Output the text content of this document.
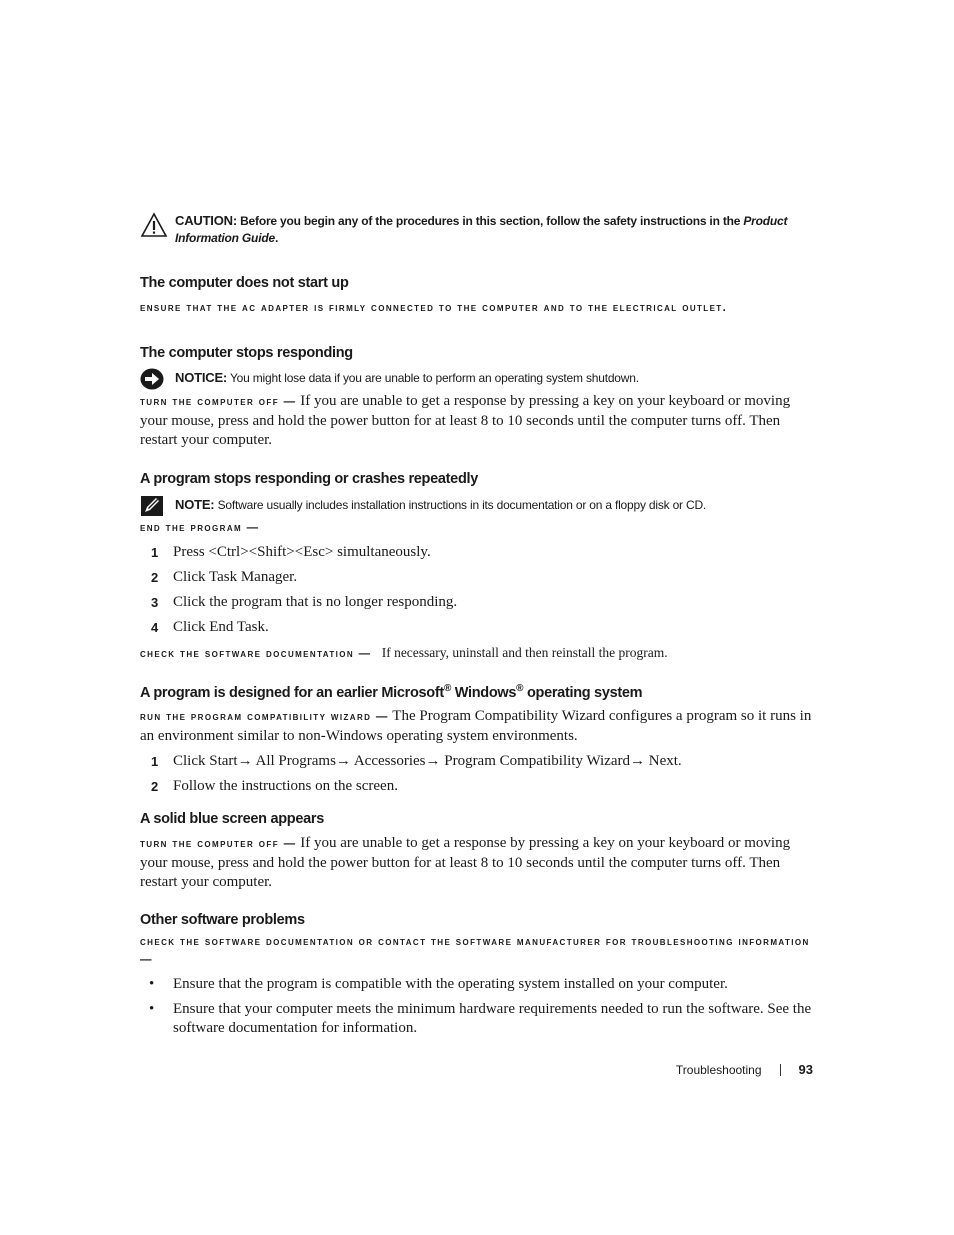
CAUTION: Before you begin any of the procedures in this section, follow the safety instructions in the Product Information Guide.
The computer does not start up
ensure that the ac adapter is firmly connected to the computer and to the electrical outlet.
The computer stops responding
NOTICE: You might lose data if you are unable to perform an operating system shutdown.
turn the computer off — If you are unable to get a response by pressing a key on your keyboard or moving your mouse, press and hold the power button for at least 8 to 10 seconds until the computer turns off. Then restart your computer.
A program stops responding or crashes repeatedly
NOTE: Software usually includes installation instructions in its documentation or on a floppy disk or CD.
end the program —
1 Press <Ctrl><Shift><Esc> simultaneously.
2 Click Task Manager.
3 Click the program that is no longer responding.
4 Click End Task.
check the software documentation — If necessary, uninstall and then reinstall the program.
A program is designed for an earlier Microsoft® Windows® operating system
run the program compatibility wizard — The Program Compatibility Wizard configures a program so it runs in an environment similar to non-Windows operating system environments.
1 Click Start→ All Programs→ Accessories→ Program Compatibility Wizard→ Next.
2 Follow the instructions on the screen.
A solid blue screen appears
turn the computer off — If you are unable to get a response by pressing a key on your keyboard or moving your mouse, press and hold the power button for at least 8 to 10 seconds until the computer turns off. Then restart your computer.
Other software problems
check the software documentation or contact the software manufacturer for troubleshooting information —
• Ensure that the program is compatible with the operating system installed on your computer.
• Ensure that your computer meets the minimum hardware requirements needed to run the software. See the software documentation for information.
Troubleshooting	93
